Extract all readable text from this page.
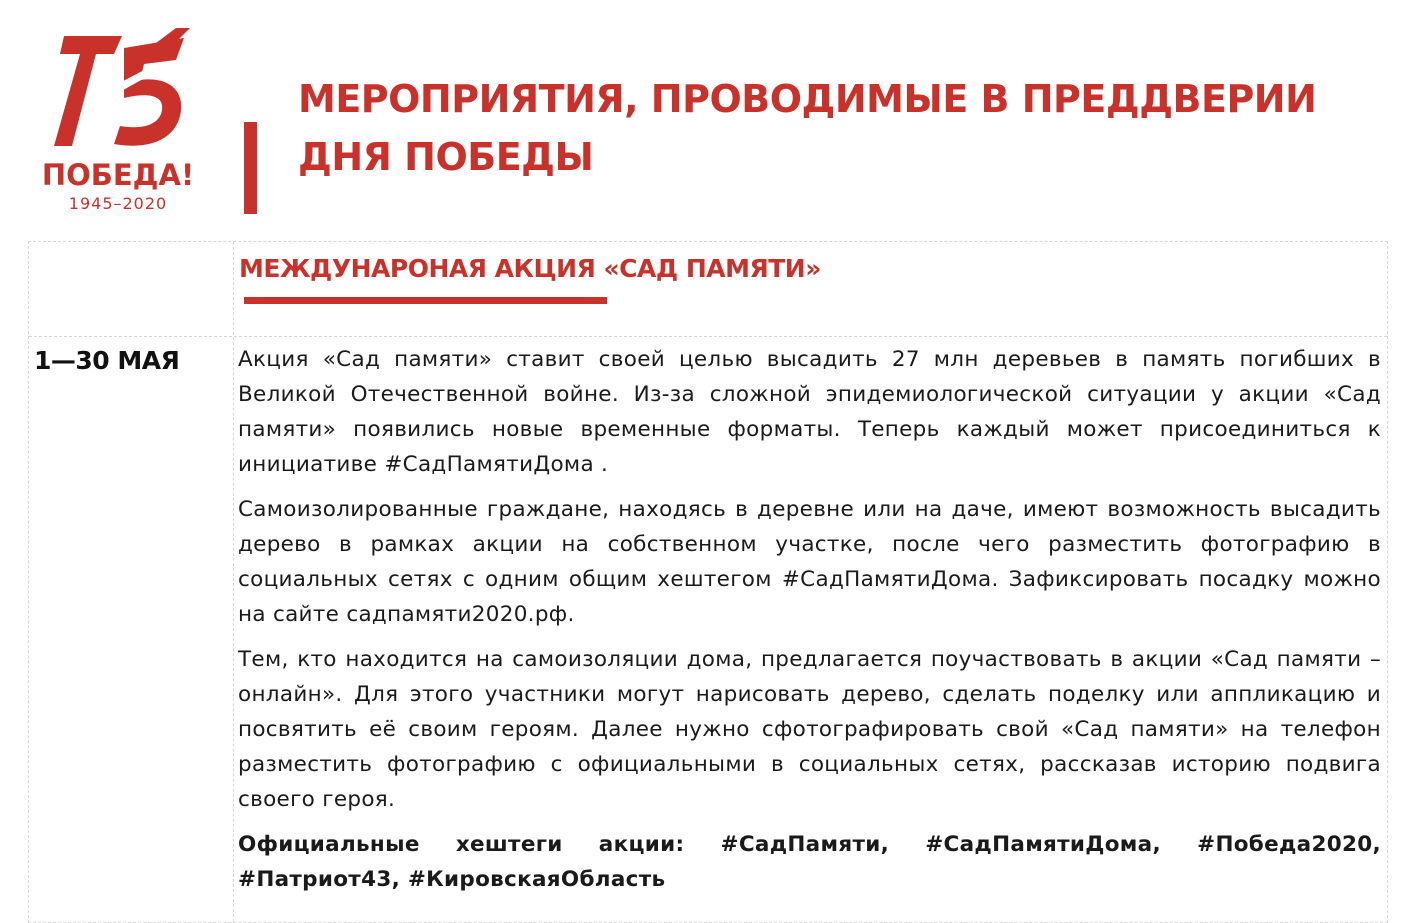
ПОБЕДА!
1945–2020
МЕРОПРИЯТИЯ, ПРОВОДИМЫЕ В ПРЕДДВЕРИИ ДНЯ ПОБЕДЫ
МЕЖДУНАРОНАЯ АКЦИЯ «САД ПАМЯТИ»
1—30 МАЯ	Акция «Сад памяти» ставит своей целью высадить 27 млн деревьев в память погибших в Великой Отечественной войне. Из-за сложной эпидемиологической ситуации у акции «Сад памяти» появились новые временные форматы. Теперь каждый может присоединиться к инициативе #СадПамятиДома .

Самоизолированные граждане, находясь в деревне или на даче, имеют возможность высадить дерево в рамках акции на собственном участке, после чего разместить фотографию в социальных сетях с одним общим хештегом #СадПамятиДома. Зафиксировать посадку можно на сайте садпамяти2020.рф.

Тем, кто находится на самоизоляции дома, предлагается поучаствовать в акции «Сад памяти – онлайн». Для этого участники могут нарисовать дерево, сделать поделку или аппликацию и посвятить её своим героям. Далее нужно сфотографировать свой «Сад памяти» на телефон разместить фотографию с официальными в социальных сетях, рассказав историю подвига своего героя.

Официальные хештеги акции: #СадПамяти, #СадПамятиДома, #Победа2020, #Патриот43, #КировскаяОбласть
